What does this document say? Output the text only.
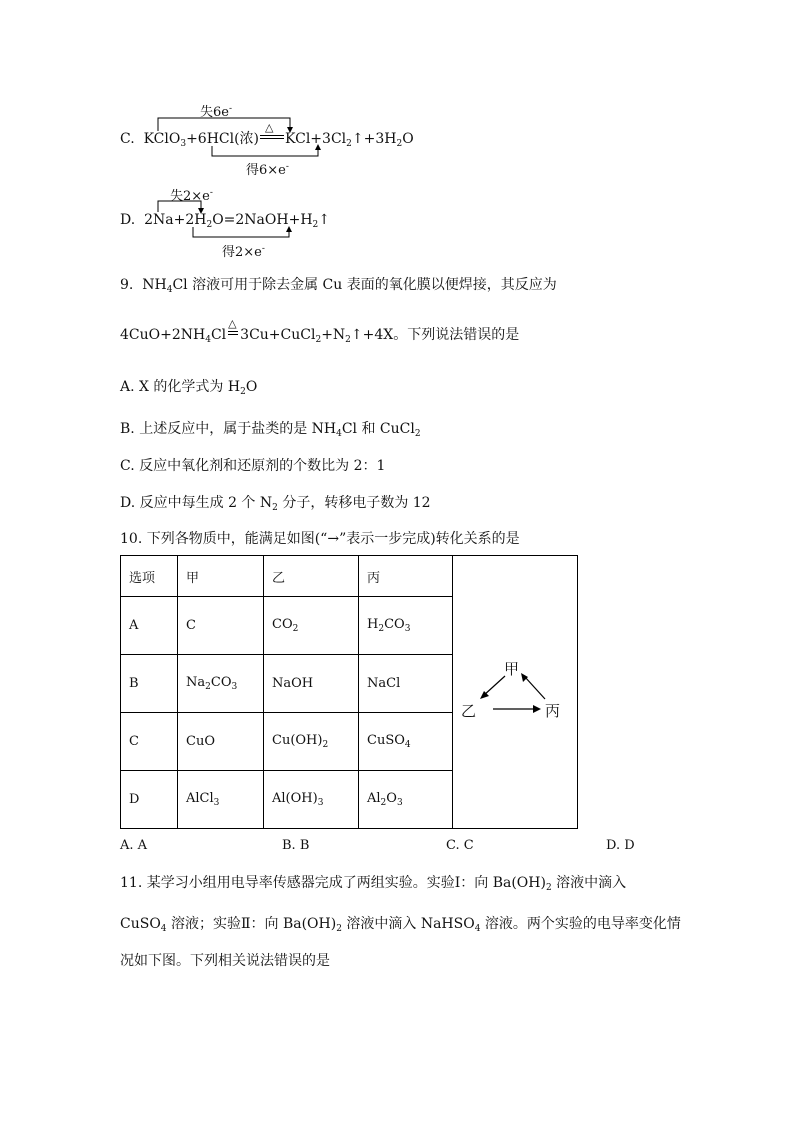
失6e-
C. KClO$_3$+6HCl(浓)
△
$KCl+3Cl_2↑+3H_2O$
得6×e-
失2×e-
D. $2Na+2H_2O=2NaOH+H_2↑$
得2×e-
9. $NH_4Cl$ 溶液可用于除去金属 Cu 表面的氧化膜以便焊接，其反应为
$4CuO+2NH_4Cl$
△
$3Cu+CuCl_2+N_2↑+4X$。下列说法错误的是
A. X 的化学式为 $H_2O$
B. 上述反应中，属于盐类的是 $NH_4Cl$ 和 CuCl$_2$
C. 反应中氧化剂和还原剂的个数比为 2：1
D. 反应中每生成 2 个 $N_2$ 分子，转移电子数为 12
10. 下列各物质中，能满足如图(“→”表示一步完成)转化关系的是
选项	甲	乙	丙	甲
乙 丙

A	C	$CO_2$	$H_2CO_3$
B	$Na_2CO_3$	NaOH	NaCl	
C	CuO	$Cu(OH)_2$	CuSO$_4$
D	AlCl$_3$	$Al(OH)_3$	$Al_2O_3$
A. A	B. B	C. C	D. D
11. 某学习小组用电导率传感器完成了两组实验。实验Ⅰ：向 $Ba(OH)_2$ 溶液中滴入
CuSO$_4$ 溶液；实验Ⅱ：向 $Ba(OH)_2$ 溶液中滴入 NaHSO$_4$ 溶液。两个实验的电导率变化情
况如下图。下列相关说法错误的是
